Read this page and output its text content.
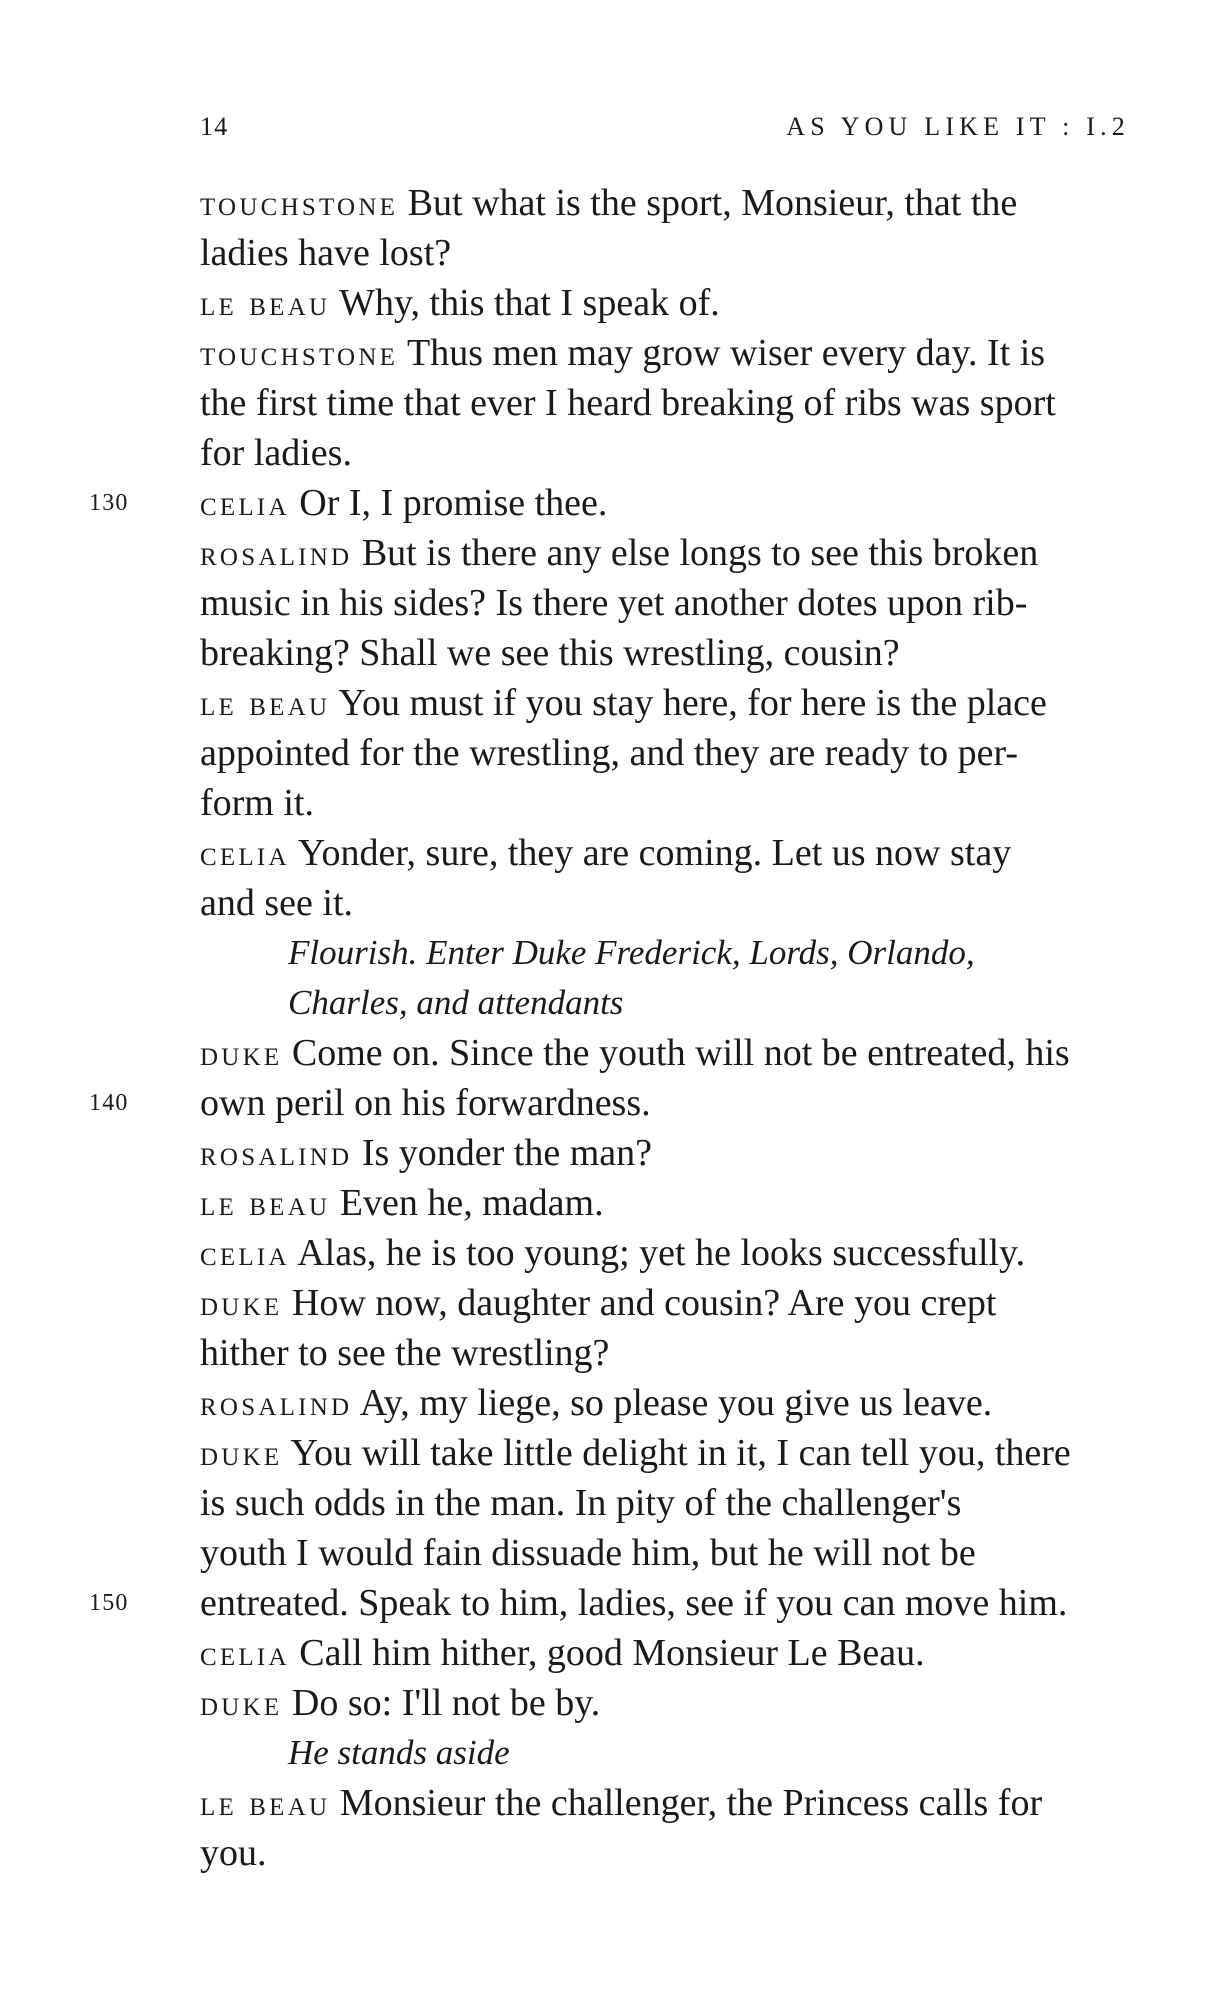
14	AS YOU LIKE IT : I.2

touchstone But what is the sport, Monsieur, that the
ladies have lost?

le beau Why, this that I speak of.

touchstone Thus men may grow wiser every day. It is
the first time that ever I heard breaking of ribs was sport
for ladies.

130 celia Or I, I promise thee.

rosalind But is there any else longs to see this broken
music in his sides? Is there yet another dotes upon rib-
breaking? Shall we see this wrestling, cousin?

le beau You must if you stay here, for here is the place
appointed for the wrestling, and they are ready to per-
form it.

celia Yonder, sure, they are coming. Let us now stay
and see it.

Flourish. Enter Duke Frederick, Lords, Orlando,
Charles, and attendants

140
duke Come on. Since the youth will not be entreated, his
own peril on his forwardness.

rosalind Is yonder the man?

le beau Even he, madam.

celia Alas, he is too young; yet he looks successfully.

duke How now, daughter and cousin? Are you crept
hither to see the wrestling?

rosalind Ay, my liege, so please you give us leave.

150
duke You will take little delight in it, I can tell you, there
is such odds in the man. In pity of the challenger's
youth I would fain dissuade him, but he will not be
entreated. Speak to him, ladies, see if you can move him.

celia Call him hither, good Monsieur Le Beau.

duke Do so: I'll not be by.

He stands aside

le beau Monsieur the challenger, the Princess calls for
you.
